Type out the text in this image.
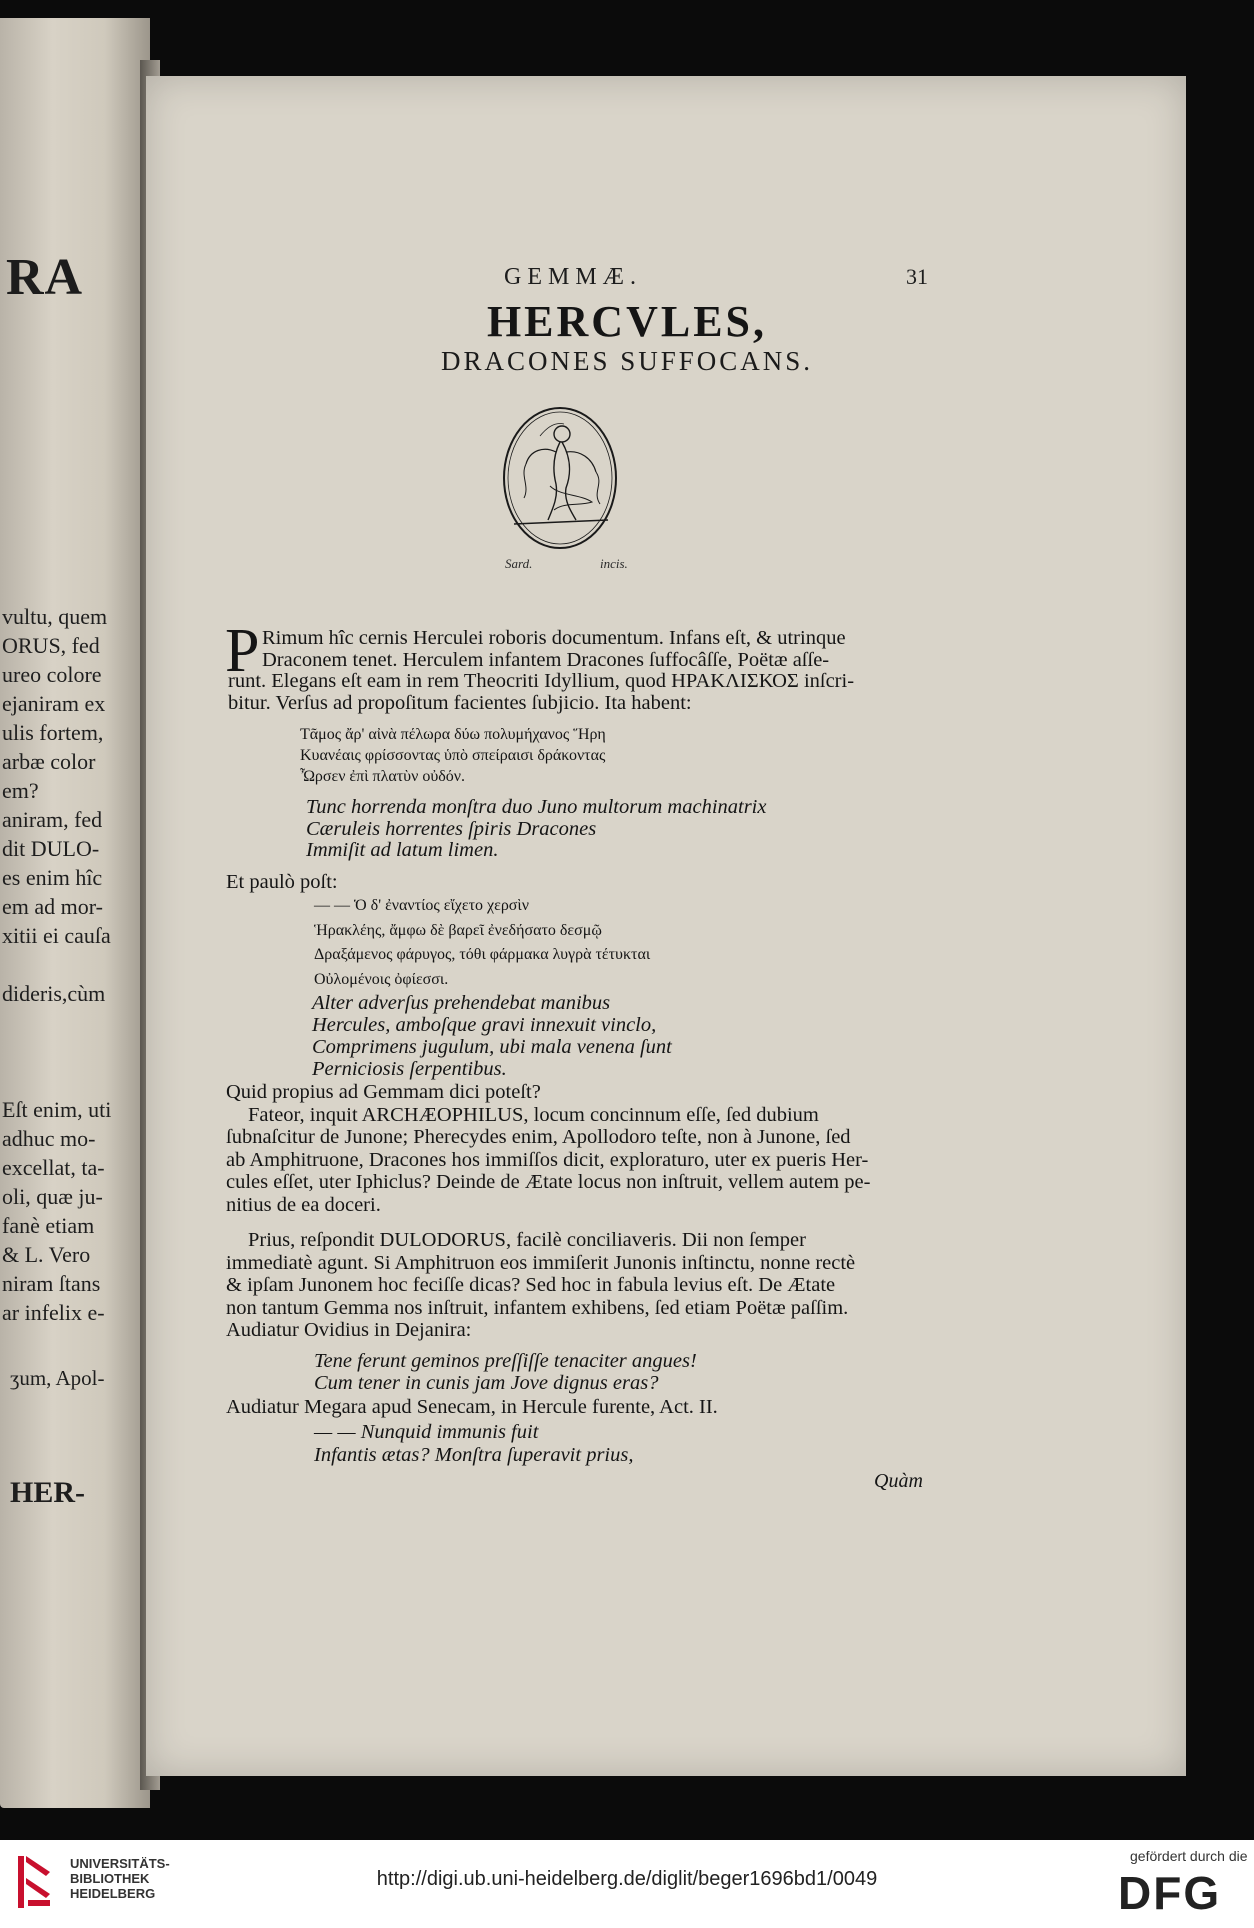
RA
vultu, quem
ORUS, fed
ureo colore
ejaniram ex
ulis fortem,
arbæ color
em?
aniram, fed
dit DULO-
es enim hîc
em ad mor-
xitii ei cauſa
dideris,cùm
Eſt enim, uti
adhuc mo-
excellat, ta-
oli, quæ ju-
fanè etiam
& L. Vero
niram ſtans
ar infelix e-
ʒum, Apol-
HER-
GEMMÆ.	31
HERCVLES,
DRACONES SUFFOCANS.
Sard.	incis.
P Rimum hîc cernis Herculei roboris documentum. Infans eſt, & utrinque
Draconem tenet. Herculem infantem Dracones ſuffocâſſe, Poëtæ aſſe-
runt. Elegans eſt eam in rem Theocriti Idyllium, quod ΗΡΑΚΛΙΣΚΟΣ inſcri-
bitur. Verſus ad propoſitum facientes ſubjicio. Ita habent:
Τᾶμος ἄρ' αἰνὰ πέλωρα δύω πολυμήχανος Ἥρη
Κυανέαις φρίσσοντας ὑπὸ σπείραισι δράκοντας
Ὦρσεν ἐπὶ πλατὺν οὐδόν.
Tunc horrenda monſtra duo Juno multorum machinatrix
Cæruleis horrentes ſpiris Dracones
Immiſit ad latum limen.
Et paulò poſt:
— — Ὁ δ' ἐναντίος εἴχετο χερσὶν
Ἡρακλέης, ἄμφω δὲ βαρεῖ ἐνεδήσατο δεσμῷ
Δραξάμενος φάρυγος, τόθι φάρμακα λυγρὰ τέτυκται
Οὐλομένοις ὀφίεσσι.
Alter adverſus prehendebat manibus
Hercules, amboſque gravi innexuit vinclo,
Comprimens jugulum, ubi mala venena ſunt
Perniciosis ſerpentibus.
Quid propius ad Gemmam dici poteſt?
Fateor, inquit ARCHÆOPHILUS, locum concinnum eſſe, ſed dubium
ſubnaſcitur de Junone; Pherecydes enim, Apollodoro teſte, non à Junone, ſed
ab Amphitruone, Dracones hos immiſſos dicit, exploraturo, uter ex pueris Her-
cules eſſet, uter Iphiclus? Deinde de Ætate locus non inſtruit, vellem autem pe-
nitius de ea doceri.
Prius, reſpondit DULODORUS, facilè conciliaveris. Dii non ſemper
immediatè agunt. Si Amphitruon eos immiſerit Junonis inſtinctu, nonne rectè
& ipſam Junonem hoc feciſſe dicas? Sed hoc in fabula levius eſt. De Ætate
non tantum Gemma nos inſtruit, infantem exhibens, ſed etiam Poëtæ paſſim.
Audiatur Ovidius in Dejanira:
Tene ferunt geminos preſſiſſe tenaciter angues!
Cum tener in cunis jam Jove dignus eras?
Audiatur Megara apud Senecam, in Hercule furente, Act. II.
— — Nunquid immunis fuit
Infantis ætas? Monſtra ſuperavit prius,
Quàm
UNIVERSITÄTS-
BIBLIOTHEK
HEIDELBERG
http://digi.ub.uni-heidelberg.de/diglit/beger1696bd1/0049
gefördert durch die
DFG
